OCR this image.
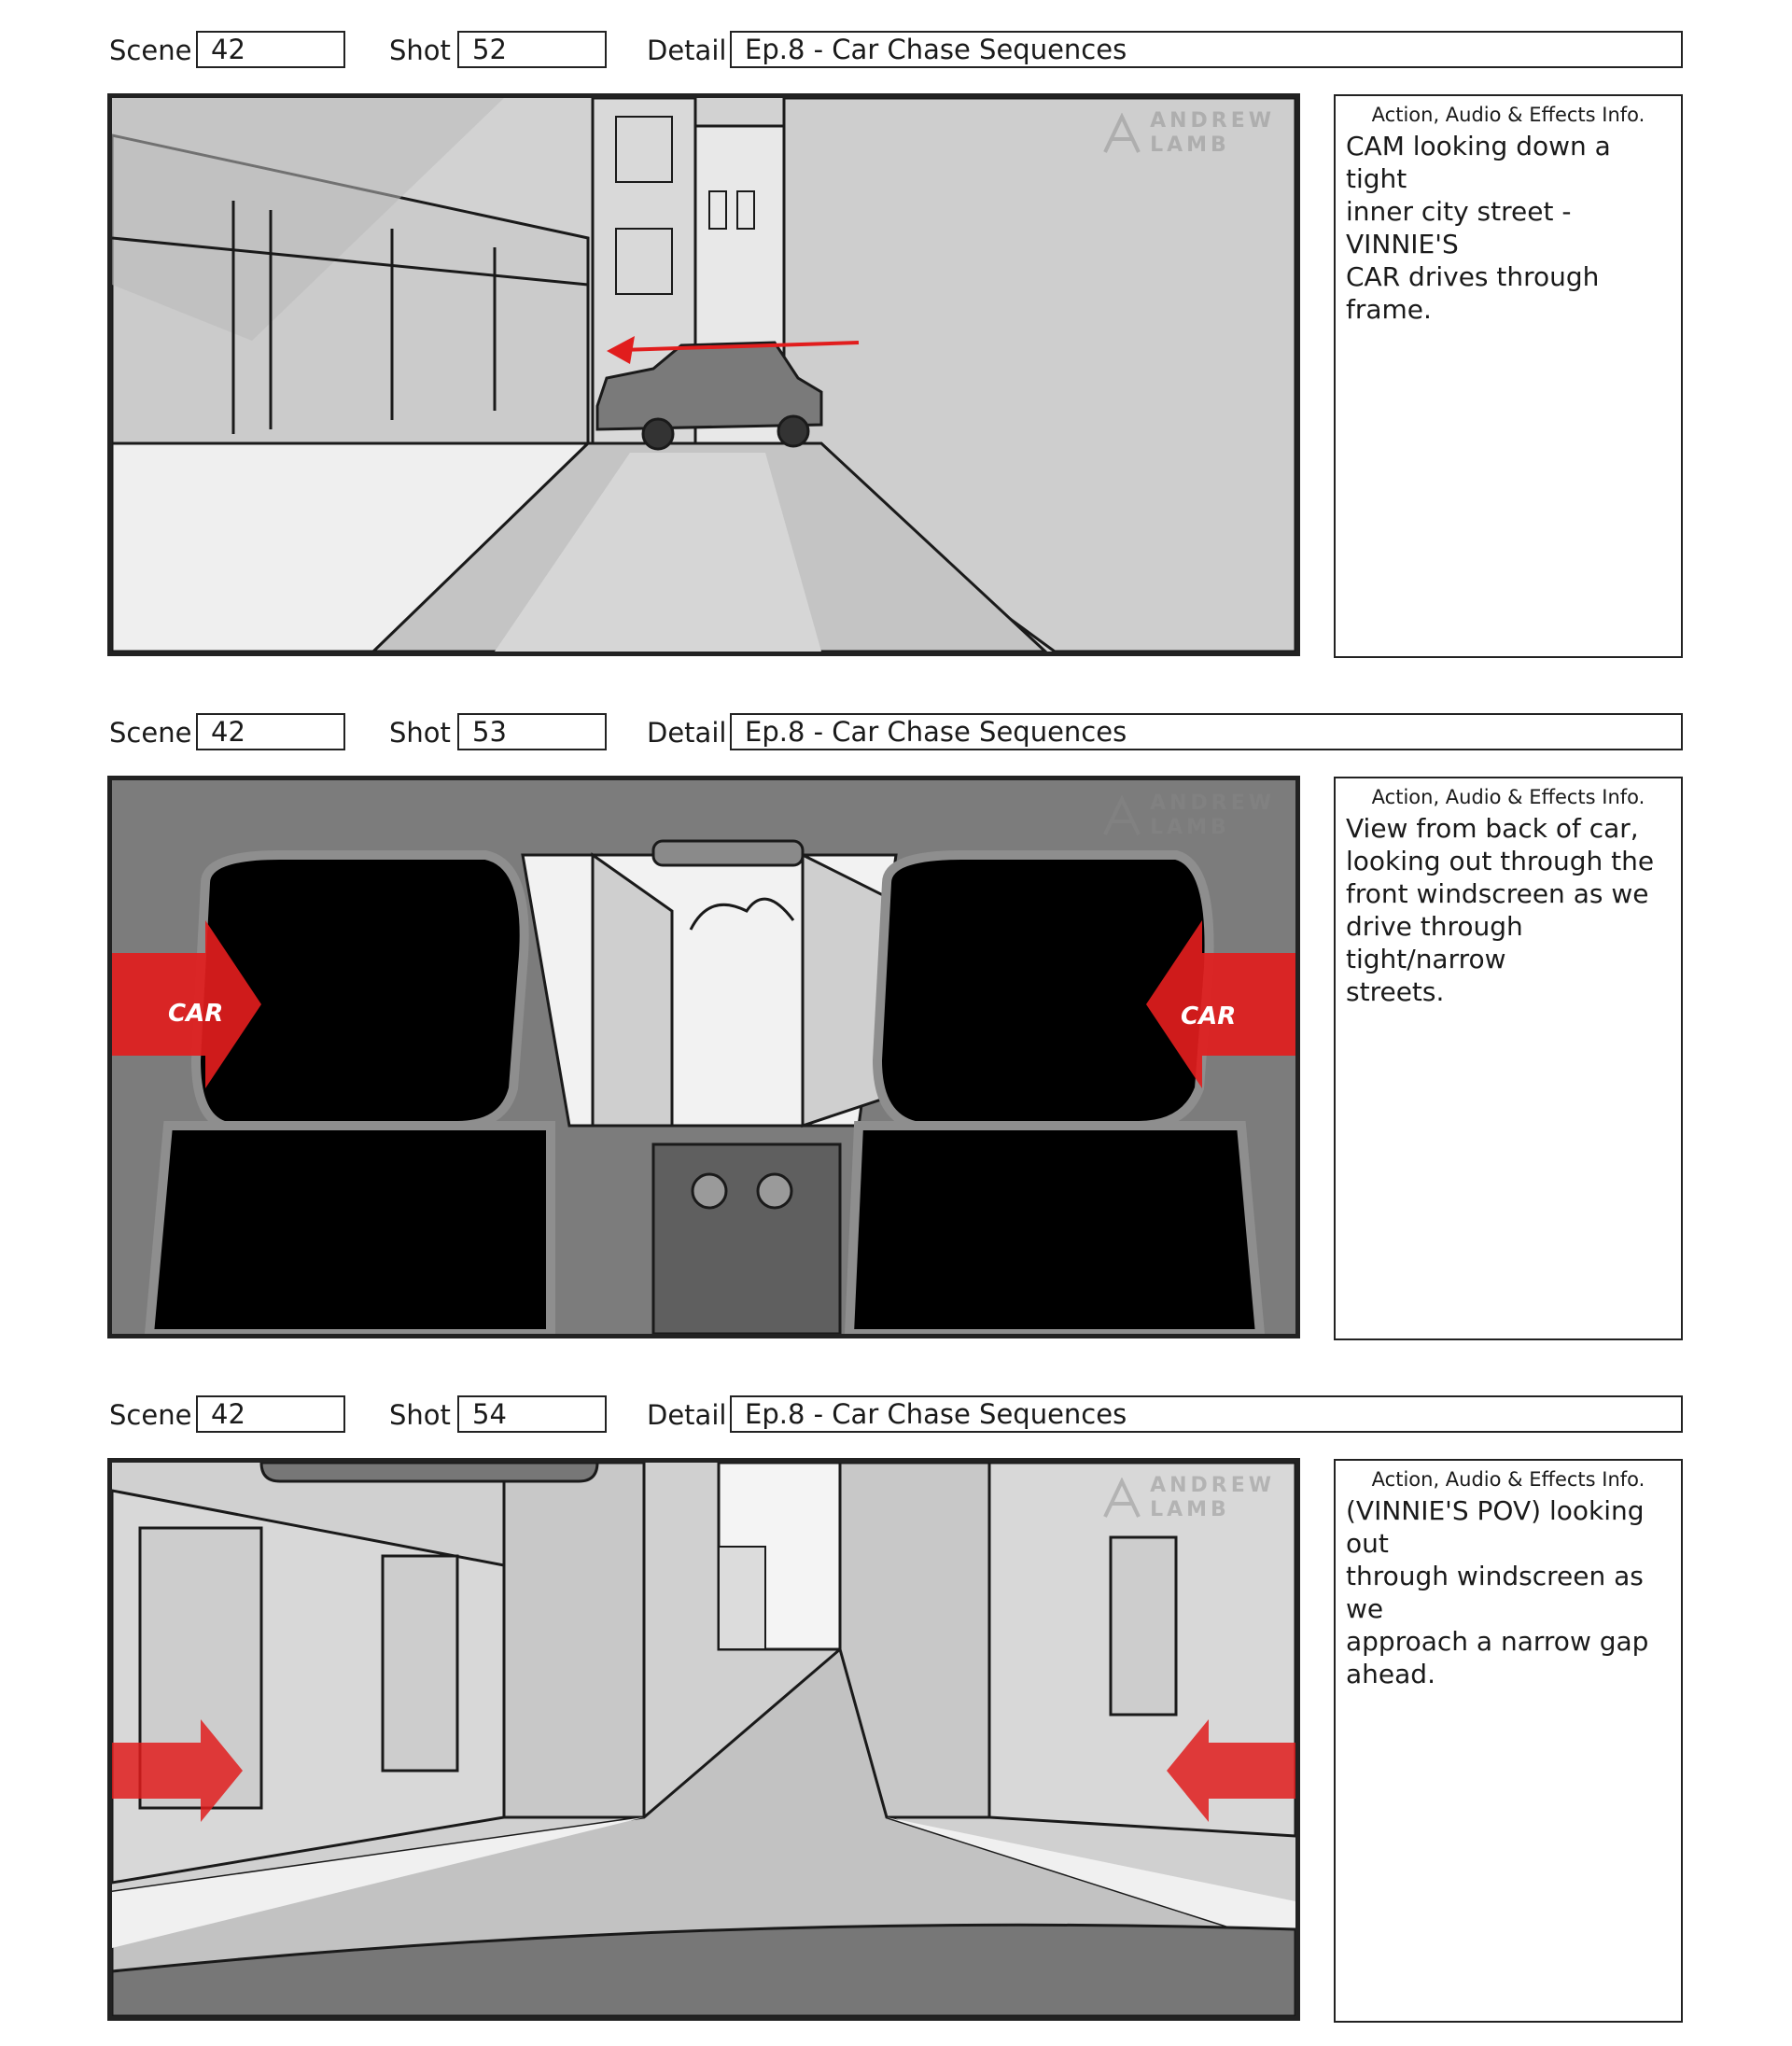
Scene 42	Shot 52	Detail Ep.8 - Car Chase Sequences
ANDREW
LAMB
Action, Audio & Effects Info.
CAM looking down a tight
inner city street - VINNIE'S
CAR drives through frame.
Scene 42	Shot 53	Detail Ep.8 - Car Chase Sequences
CAR	CAR
ANDREW
LAMB
Action, Audio & Effects Info.
View from back of car,
looking out through the
front windscreen as we
drive through tight/narrow
streets.
Scene 42	Shot 54	Detail Ep.8 - Car Chase Sequences
ANDREW
LAMB
Action, Audio & Effects Info.
(VINNIE'S POV) looking out
through windscreen as we
approach a narrow gap
ahead.
